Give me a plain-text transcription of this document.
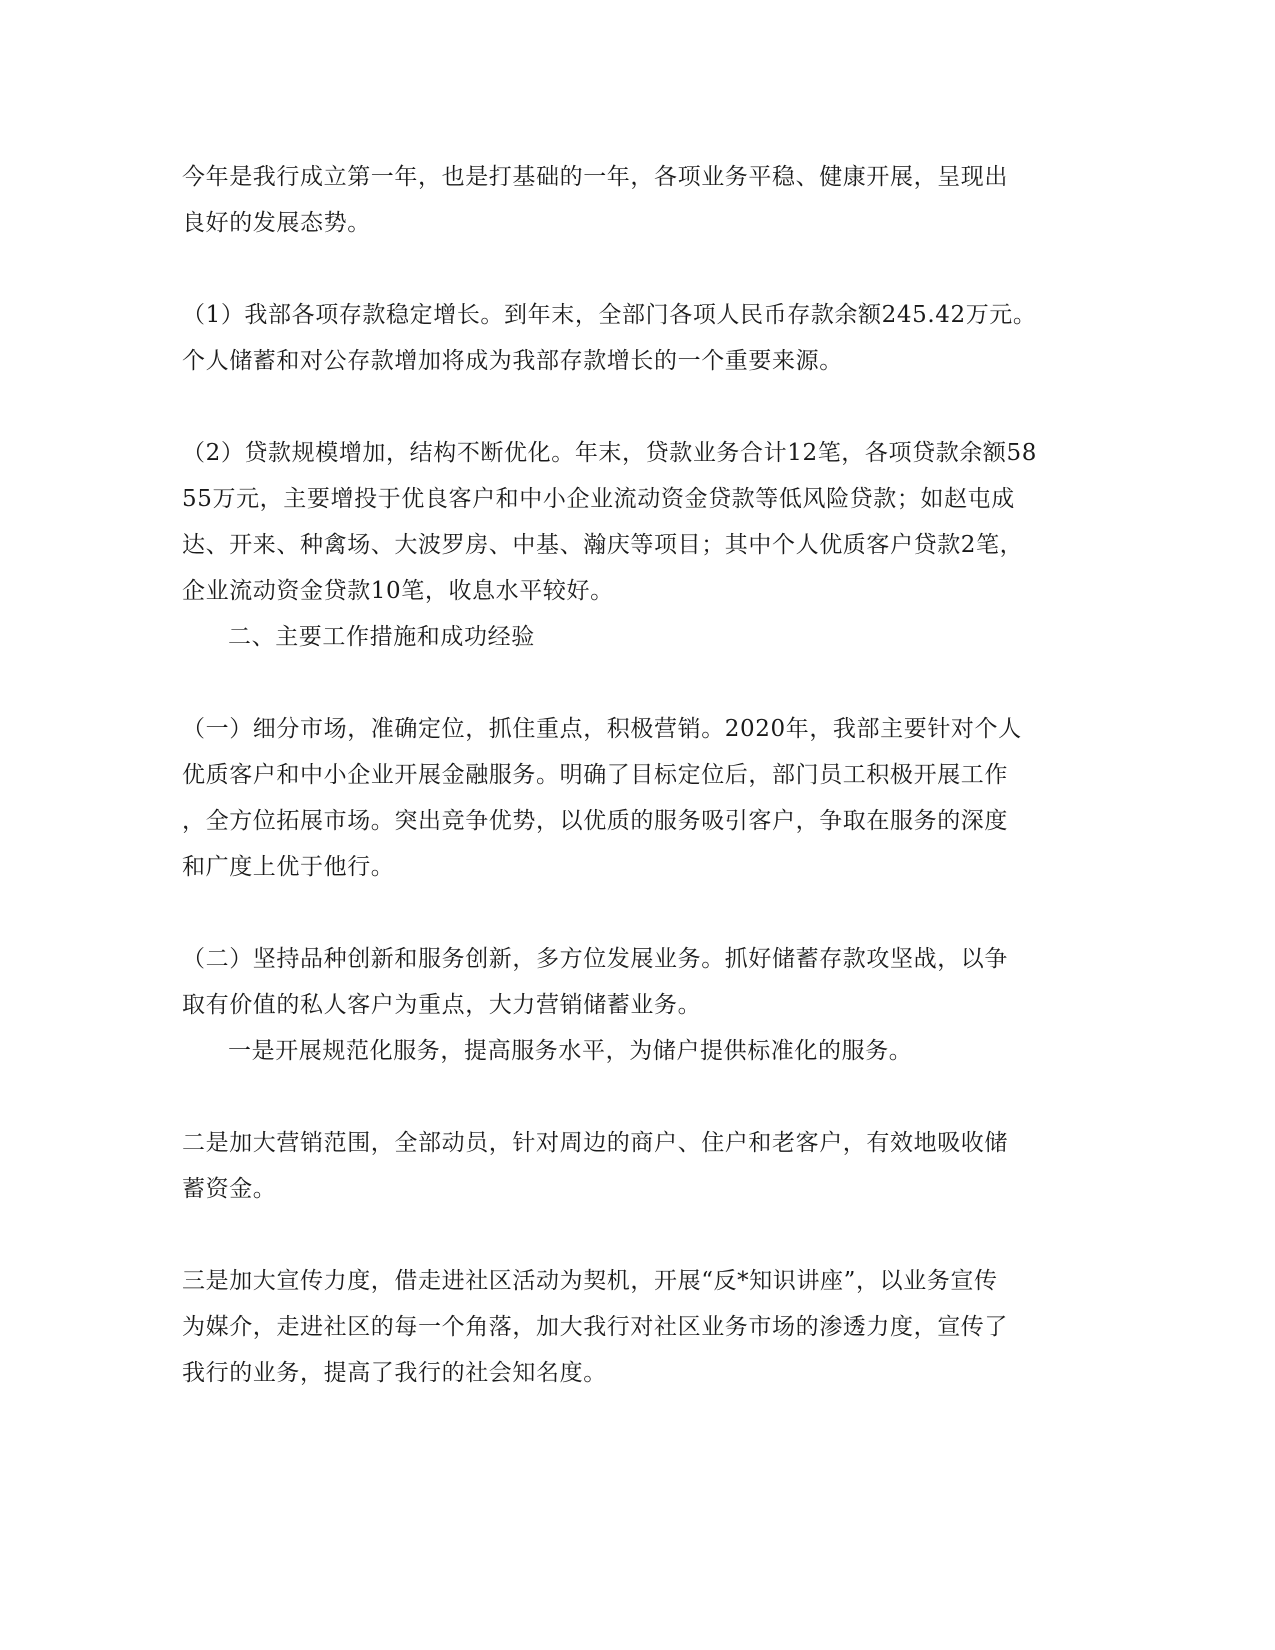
今年是我行成立第一年，也是打基础的一年，各项业务平稳、健康开展，呈现出
良好的发展态势。
（1）我部各项存款稳定增长。到年末，全部门各项人民币存款余额245.42万元。
个人储蓄和对公存款增加将成为我部存款增长的一个重要来源。
（2）贷款规模增加，结构不断优化。年末，贷款业务合计12笔，各项贷款余额58
55万元，主要增投于优良客户和中小企业流动资金贷款等低风险贷款；如赵屯成
达、开来、种禽场、大波罗房、中基、瀚庆等项目；其中个人优质客户贷款2笔，
企业流动资金贷款10笔，收息水平较好。
二、主要工作措施和成功经验
（一）细分市场，准确定位，抓住重点，积极营销。2020年，我部主要针对个人
优质客户和中小企业开展金融服务。明确了目标定位后，部门员工积极开展工作
，全方位拓展市场。突出竞争优势，以优质的服务吸引客户，争取在服务的深度
和广度上优于他行。
（二）坚持品种创新和服务创新，多方位发展业务。抓好储蓄存款攻坚战，以争
取有价值的私人客户为重点，大力营销储蓄业务。
一是开展规范化服务，提高服务水平，为储户提供标准化的服务。
二是加大营销范围，全部动员，针对周边的商户、住户和老客户，有效地吸收储
蓄资金。
三是加大宣传力度，借走进社区活动为契机，开展“反*知识讲座”，以业务宣传
为媒介，走进社区的每一个角落，加大我行对社区业务市场的渗透力度，宣传了
我行的业务，提高了我行的社会知名度。
